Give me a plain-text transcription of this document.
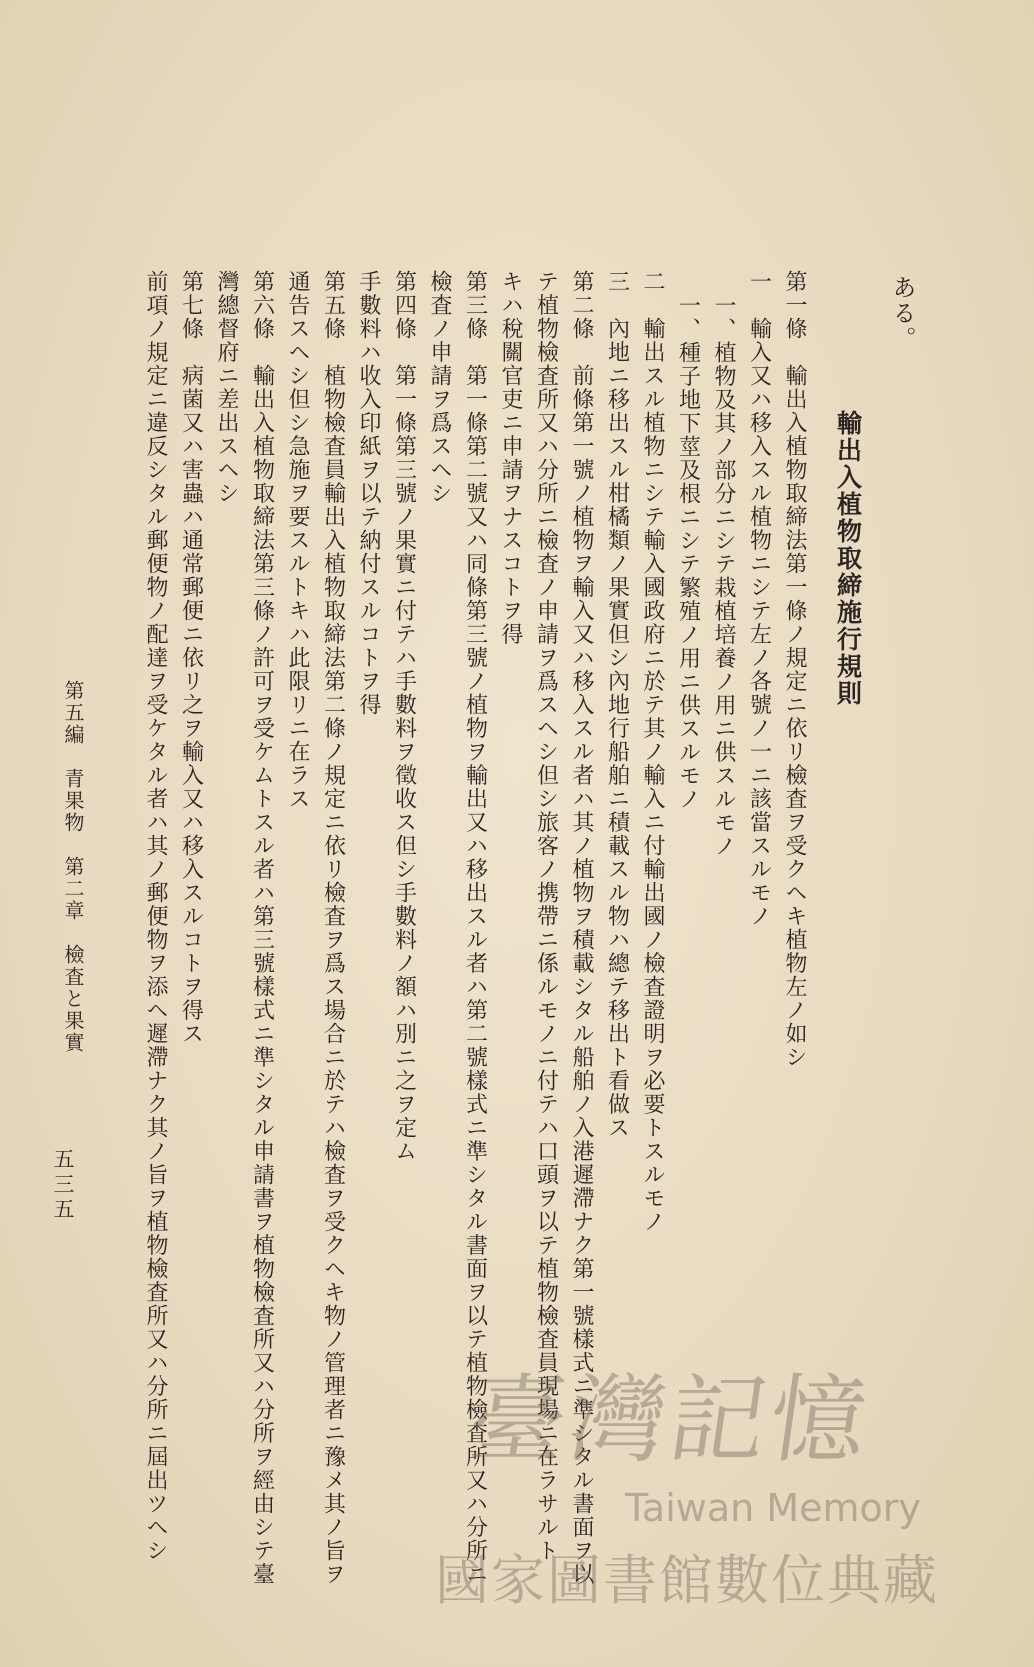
ある。
輸出入植物取締施行規則
第一條　輸出入植物取締法第一條ノ規定ニ依リ檢査ヲ受クヘキ植物左ノ如シ
一　輸入又ハ移入スル植物ニシテ左ノ各號ノ一ニ該當スルモノ
一、植物及其ノ部分ニシテ栽植培養ノ用ニ供スルモノ
一、種子地下莖及根ニシテ繁殖ノ用ニ供スルモノ
二　輸出スル植物ニシテ輸入國政府ニ於テ其ノ輸入ニ付輸出國ノ檢査證明ヲ必要トスルモノ
三　內地ニ移出スル柑橘類ノ果實但シ內地行船舶ニ積載スル物ハ總テ移出ト看做ス
第二條　前條第一號ノ植物ヲ輸入又ハ移入スル者ハ其ノ植物ヲ積載シタル船舶ノ入港遲滯ナク第一號樣式ニ準シタル書面ヲ以
テ植物檢査所又ハ分所ニ檢査ノ申請ヲ爲スヘシ但シ旅客ノ携帶ニ係ルモノニ付テハ口頭ヲ以テ植物檢査員現場ニ在ラサルト
キハ稅關官吏ニ申請ヲナスコトヲ得
第三條　第一條第二號又ハ同條第三號ノ植物ヲ輸出又ハ移出スル者ハ第二號樣式ニ準シタル書面ヲ以テ植物檢査所又ハ分所ニ
檢査ノ申請ヲ爲スヘシ
第四條　第一條第三號ノ果實ニ付テハ手數料ヲ徵收ス但シ手數料ノ額ハ別ニ之ヲ定ム
手數料ハ收入印紙ヲ以テ納付スルコトヲ得
第五條　植物檢査員輸出入植物取締法第二條ノ規定ニ依リ檢査ヲ爲ス場合ニ於テハ檢査ヲ受クヘキ物ノ管理者ニ豫メ其ノ旨ヲ
通告スヘシ但シ急施ヲ要スルトキハ此限リニ在ラス
第六條　輸出入植物取締法第三條ノ許可ヲ受ケムトスル者ハ第三號樣式ニ準シタル申請書ヲ植物檢査所又ハ分所ヲ經由シテ臺
灣總督府ニ差出スヘシ
第七條　病菌又ハ害蟲ハ通常郵便ニ依リ之ヲ輸入又ハ移入スルコトヲ得ス
前項ノ規定ニ違反シタル郵便物ノ配達ヲ受ケタル者ハ其ノ郵便物ヲ添ヘ遲滯ナク其ノ旨ヲ植物檢査所又ハ分所ニ屆出ツヘシ
第五編　青果物　第二章　檢査と果實
五三五
臺灣記憶
Taiwan Memory
國家圖書館數位典藏
